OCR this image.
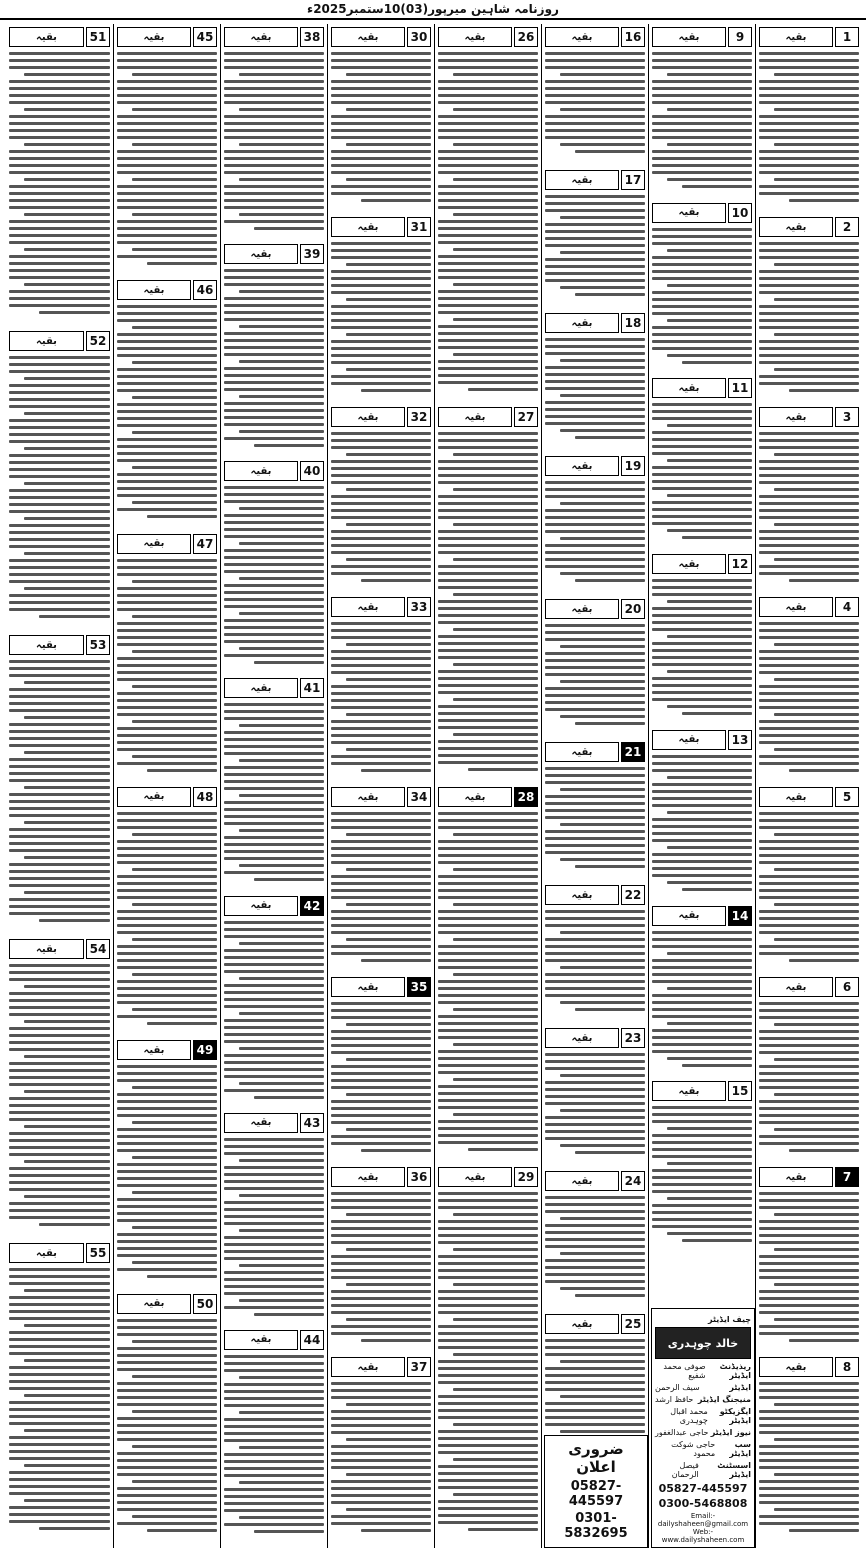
روزنامہ شاہین میرپور(03)10ستمبر2025ء
1
بقیہ
2
بقیہ
3
بقیہ
4
بقیہ
5
بقیہ
6
بقیہ
7
بقیہ
8
بقیہ
9
بقیہ
10
بقیہ
11
بقیہ
12
بقیہ
13
بقیہ
14
بقیہ
15
بقیہ
چیف ایڈیٹر
خالد چوہدری
ریذیڈنٹ ایڈیٹر
صوفی محمد شفیع
ایڈیٹر
سیف الرحمن
منیجنگ ایڈیٹر
حافظ ارشد
ایگزیکٹو ایڈیٹر
محمد اقبال چوہدری
نیوز ایڈیٹر
حاجی عبدالغفور
سب ایڈیٹر
حاجی شوکت محمود
اسسٹنٹ ایڈیٹر
فیصل الرحمان
05827-445597
0300-5468808
Email:-dailyshaheen@gmail.com
Web:-www.dailyshaheen.com
16
بقیہ
17
بقیہ
18
بقیہ
19
بقیہ
20
بقیہ
21
بقیہ
22
بقیہ
23
بقیہ
24
بقیہ
25
بقیہ
ضروری اعلان
05827-445597
0301-5832695
26
بقیہ
27
بقیہ
28
بقیہ
29
بقیہ
30
بقیہ
31
بقیہ
32
بقیہ
33
بقیہ
34
بقیہ
35
بقیہ
36
بقیہ
37
بقیہ
38
بقیہ
39
بقیہ
40
بقیہ
41
بقیہ
42
بقیہ
43
بقیہ
44
بقیہ
45
بقیہ
46
بقیہ
47
بقیہ
48
بقیہ
49
بقیہ
50
بقیہ
51
بقیہ
52
بقیہ
53
بقیہ
54
بقیہ
55
بقیہ
